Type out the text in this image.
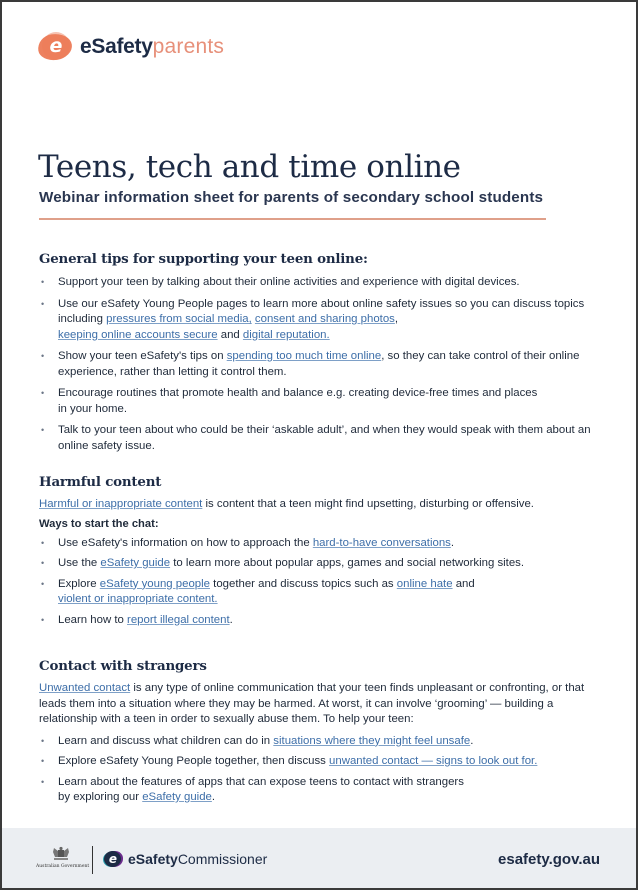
e eSafety parents
Teens, tech and time online
Webinar information sheet for parents of secondary school students
General tips for supporting your teen online:
• Support your teen by talking about their online activities and experience with digital devices.
• Use our eSafety Young People pages to learn more about online safety issues so you can discuss topics including pressures from social media, consent and sharing photos,
keeping online accounts secure and digital reputation.
• Show your teen eSafety's tips on spending too much time online, so they can take control of their online experience, rather than letting it control them.
• Encourage routines that promote health and balance e.g. creating device-free times and places in your home.
• Talk to your teen about who could be their ‘askable adult’, and when they would speak with them about an online safety issue.
Harmful content

Harmful or inappropriate content is content that a teen might find upsetting, disturbing or offensive.

Ways to start the chat:
• Use eSafety's information on how to approach the hard-to-have conversations.
• Use the eSafety guide to learn more about popular apps, games and social networking sites.
• Explore eSafety young people together and discuss topics such as online hate and
violent or inappropriate content.
• Learn how to report illegal content.
Contact with strangers

Unwanted contact is any type of online communication that your teen finds unpleasant or confronting, or that leads them into a situation where they may be harmed. At worst, it can involve ‘grooming’ — building a relationship with a teen in order to sexually abuse them. To help your teen:

• Learn and discuss what children can do in situations where they might feel unsafe.
• Explore eSafety Young People together, then discuss unwanted contact — signs to look out for.
• Learn about the features of apps that can expose teens to contact with strangers
by exploring our eSafety guide.
Australian Government
e eSafety Commissioner	esafety.gov.au
